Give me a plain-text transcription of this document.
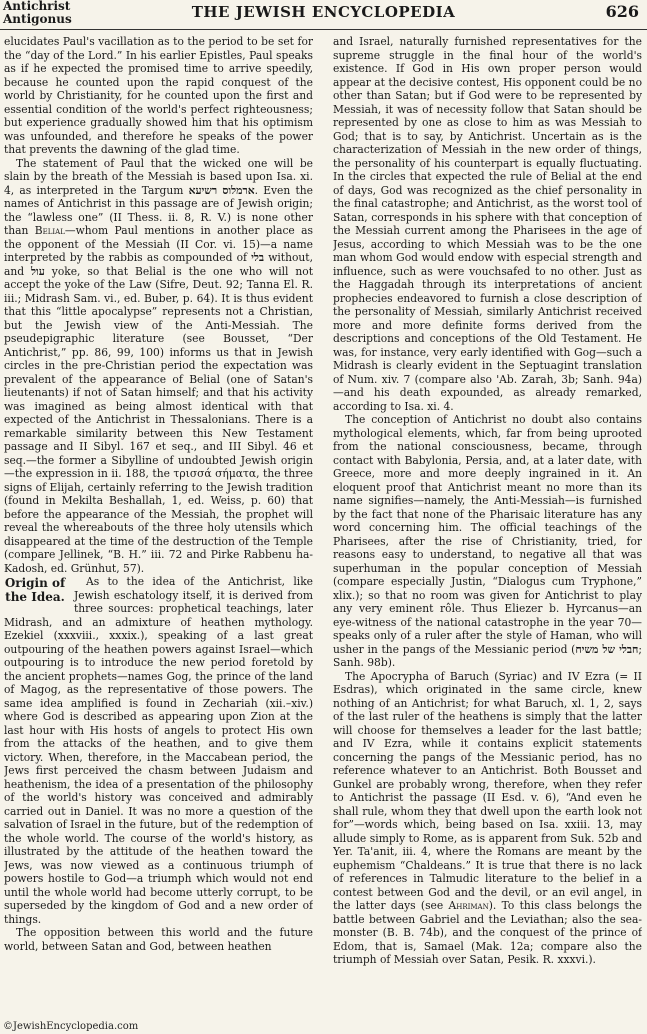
Antichrist
Antigonus	THE JEWISH ENCYCLOPEDIA	626

elucidates Paul's vacillation as to the period to be set for the “day of the Lord.” In his earlier Epistles, Paul speaks as if he expected the promised time to arrive speedily, because he counted upon the rapid conquest of the world by Christianity, for he counted upon the first and essential condition of the world's perfect righteousness; but experience gradually showed him that his optimism was unfounded, and therefore he speaks of the power that prevents the dawning of the glad time.

The statement of Paul that the wicked one will be slain by the breath of the Messiah is based upon Isa. xi. 4, as interpreted in the Targum	ארמלוס רשיעא	. Even the names of Antichrist in this passage are of Jewish origin; the “lawless one” (II Thess. ii. 8, R. V.) is none other than Belial—whom Paul mentions in another place as the opponent of the Messiah (II Cor. vi. 15)—a name interpreted by the rabbis as compounded of בלי without, and עול yoke, so that Belial is the one who will not accept the yoke of the Law (Sifre, Deut. 92; Tanna El. R. iii.; Midrash Sam. vi., ed. Buber, p. 64). It is thus evident that this “little apocalypse” represents not a Christian, but the Jewish view of the Anti-Messiah. The pseudepigraphic literature (see Bousset, “Der Antichrist,” pp. 86, 99, 100) informs us that in Jewish circles in the pre-Christian period the expectation was prevalent of the appearance of Belial (one of Satan's lieutenants) if not of Satan himself; and that his activity was imagined as being almost identical with that expected of the Antichrist in Thessalonians. There is a remarkable similarity between this New Testament passage and II Sibyl. 167 et seq., and III Sibyl. 46 et seq.—the former a Sibylline of undoubted Jewish origin—the expression in ii. 188, the τρισσά σήματα, the three signs of Elijah, certainly referring to the Jewish tradition (found in Mekilta Beshallah, 1, ed. Weiss, p. 60) that before the appearance of the Messiah, the prophet will reveal the whereabouts of the three holy utensils which disappeared at the time of the destruction of the Temple (compare Jellinek, “B. H.” iii. 72 and Pirke Rabbenu ha-Kadosh, ed. Grünhut, 57).

Origin of the Idea.
As to the idea of the Antichrist, like Jewish eschatology itself, it is derived from three sources: prophetical teachings, later Midrash, and an admixture of heathen mythology. Ezekiel (xxxviii., xxxix.), speaking of a last great outpouring of the heathen powers against Israel—which outpouring is to introduce the new period foretold by the ancient prophets—names Gog, the prince of the land of Magog, as the representative of those powers. The same idea amplified is found in Zechariah (xii.–xiv.) where God is described as appearing upon Zion at the last hour with His hosts of angels to protect His own from the attacks of the heathen, and to give them victory. When, therefore, in the Maccabean period, the Jews first perceived the chasm between Judaism and heathenism, the idea of a presentation of the philosophy of the world's history was conceived and admirably carried out in Daniel. It was no more a question of the salvation of Israel in the future, but of the redemption of the whole world. The course of the world's history, as illustrated by the attitude of the heathen toward the Jews, was now viewed as a continuous triumph of powers hostile to God—a triumph which would not end until the whole world had become utterly corrupt, to be superseded by the kingdom of God and a new order of things.

The opposition between this world and the future world, between Satan and God, between heathen

and Israel, naturally furnished representatives for the supreme struggle in the final hour of the world's existence. If God in His own proper person would appear at the decisive contest, His opponent could be no other than Satan; but if God were to be represented by Messiah, it was of necessity follow that Satan should be represented by one as close to him as was Messiah to God; that is to say, by Antichrist. Uncertain as is the characterization of Messiah in the new order of things, the personality of his counterpart is equally fluctuating. In the circles that expected the rule of Belial at the end of days, God was recognized as the chief personality in the final catastrophe; and Antichrist, as the worst tool of Satan, corresponds in his sphere with that conception of the Messiah current among the Pharisees in the age of Jesus, according to which Messiah was to be the one man whom God would endow with especial strength and influence, such as were vouchsafed to no other. Just as the Haggadah through its interpretations of ancient prophecies endeavored to furnish a close description of the personality of Messiah, similarly Antichrist received more and more definite forms derived from the descriptions and conceptions of the Old Testament. He was, for instance, very early identified with Gog—such a Midrash is clearly evident in the Septuagint translation of Num. xiv. 7 (compare also 'Ab. Zarah, 3b; Sanh. 94a)—and his death expounded, as already remarked, according to Isa. xi. 4.

The conception of Antichrist no doubt also contains mythological elements, which, far from being uprooted from the national consciousness, became, through contact with Babylonia, Persia, and, at a later date, with Greece, more and more deeply ingrained in it. An eloquent proof that Antichrist meant no more than its name signifies—namely, the Anti-Messiah—is furnished by the fact that none of the Pharisaic literature has any word concerning him. The official teachings of the Pharisees, after the rise of Christianity, tried, for reasons easy to understand, to negative all that was superhuman in the popular conception of Messiah (compare especially Justin, “Dialogus cum Tryphone,” xlix.); so that no room was given for Antichrist to play any very eminent rôle. Thus Eliezer b. Hyrcanus—an eye-witness of the national catastrophe in the year 70—speaks only of a ruler after the style of Haman, who will usher in the pangs of the Messianic period (חבלי של משיח; Sanh. 98b).

The Apocrypha of Baruch (Syriac) and IV Ezra (= II Esdras), which originated in the same circle, knew nothing of an Antichrist; for what Baruch, xl. 1, 2, says of the last ruler of the heathens is simply that the latter will choose for themselves a leader for the last battle; and IV Ezra, while it contains explicit statements concerning the pangs of the Messianic period, has no reference whatever to an Antichrist. Both Bousset and Gunkel are probably wrong, therefore, when they refer to Antichrist the passage (II Esd. v. 6), “And even he shall rule, whom they that dwell upon the earth look not for”—words which, being based on Isa. xxiii. 13, may allude simply to Rome, as is apparent from Suk. 52b and Yer. Ta'anit, iii. 4, where the Romans are meant by the euphemism “Chaldeans.” It is true that there is no lack of references in Talmudic literature to the belief in a contest between God and the devil, or an evil angel, in the latter days (see Ahriman). To this class belongs the battle between Gabriel and the Leviathan; also the sea-monster (B. B. 74b), and the conquest of the prince of Edom, that is, Samael (Mak. 12a; compare also the triumph of Messiah over Satan, Pesik. R. xxxvi.).

©JewishEncyclopedia.com
